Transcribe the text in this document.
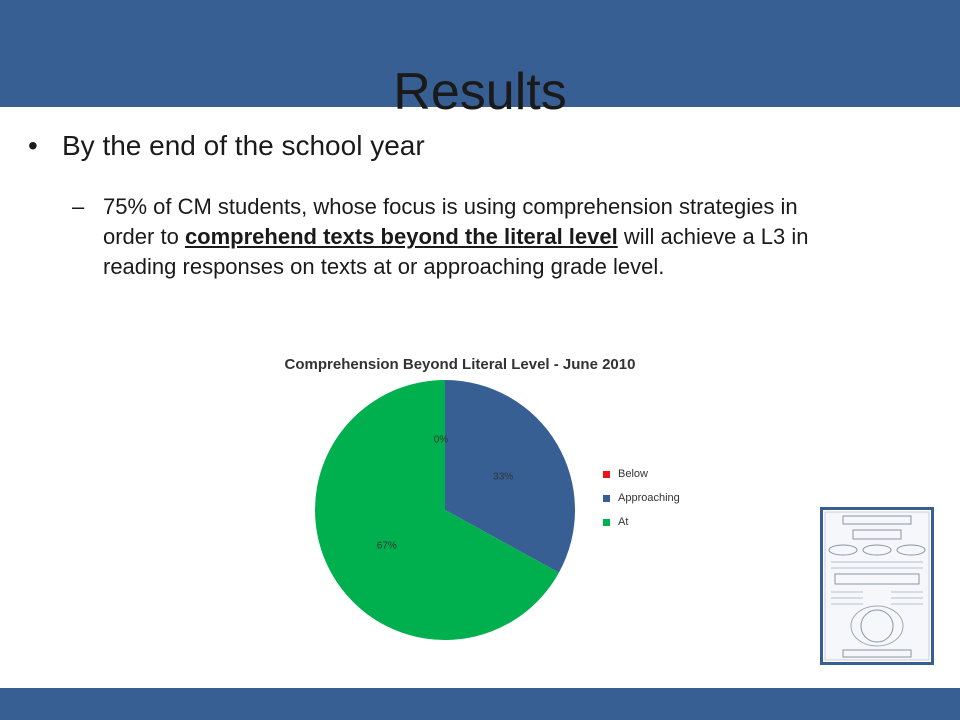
Results
• By the end of the school year
– 75% of CM students, whose focus is using comprehension strategies in order to comprehend texts beyond the literal level will achieve a L3 in reading responses on texts at or approaching grade level.
Comprehension Beyond Literal Level - June 2010
0%
33%
67%
Below
Approaching
At
